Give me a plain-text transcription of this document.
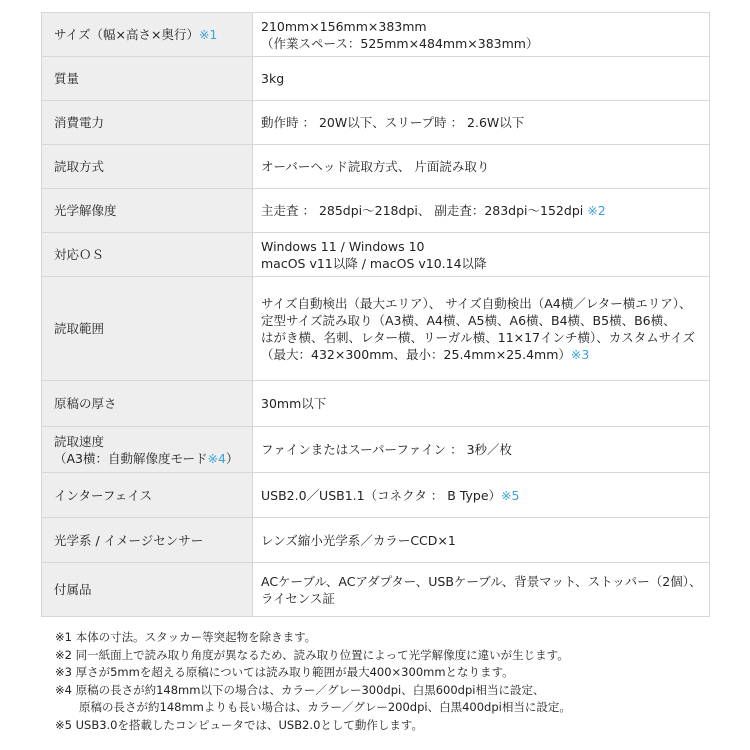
サイズ（幅×高さ×奥行）※1	210mm×156mm×383mm
（作業スペース：525mm×484mm×383mm）

質量	3kg

消費電力	動作時 ： 20W以下、スリープ時 ： 2.6W以下

読取方式	オーバーヘッド読取方式、 片面読み取り

光学解像度	主走査 ： 285dpi～218dpi、 副走査：283dpi～152dpi ※2

対応ＯＳ	Windows 11 / Windows 10
macOS v11以降 / macOS v10.14以降

読取範囲	サイズ自動検出（最大エリア）、 サイズ自動検出（A4横／レター横エリア）、
定型サイズ読み取り（A3横、A4横、A5横、A6横、B4横、B5横、B6横、
はがき横、名刺、レター横、リーガル横、11×17インチ横）、カスタムサイズ
（最大：432×300mm、最小：25.4mm×25.4mm）※3

原稿の厚さ	30mm以下

読取速度
（A3横：自動解像度モード※4）	ファインまたはスーパーファイン ： 3秒／枚

インターフェイス	USB2.0／USB1.1（コネクタ ： B Type）※5

光学系 / イメージセンサー	レンズ縮小光学系／カラーCCD×1

付属品	ACケーブル、ACアダプター、USBケーブル、背景マット、ストッパー（2個）、
ライセンス証
※1 本体の寸法。スタッカー等突起物を除きます。
※2 同一紙面上で読み取り角度が異なるため、読み取り位置によって光学解像度に違いが生じます。
※3 厚さが5mmを超える原稿については読み取り範囲が最大400×300mmとなります。
※4 原稿の長さが約148mm以下の場合は、カラー／グレー300dpi、白黒600dpi相当に設定、
原稿の長さが約148mmよりも長い場合は、カラー／グレー200dpi、白黒400dpi相当に設定。
※5 USB3.0を搭載したコンピュータでは、USB2.0として動作します。
